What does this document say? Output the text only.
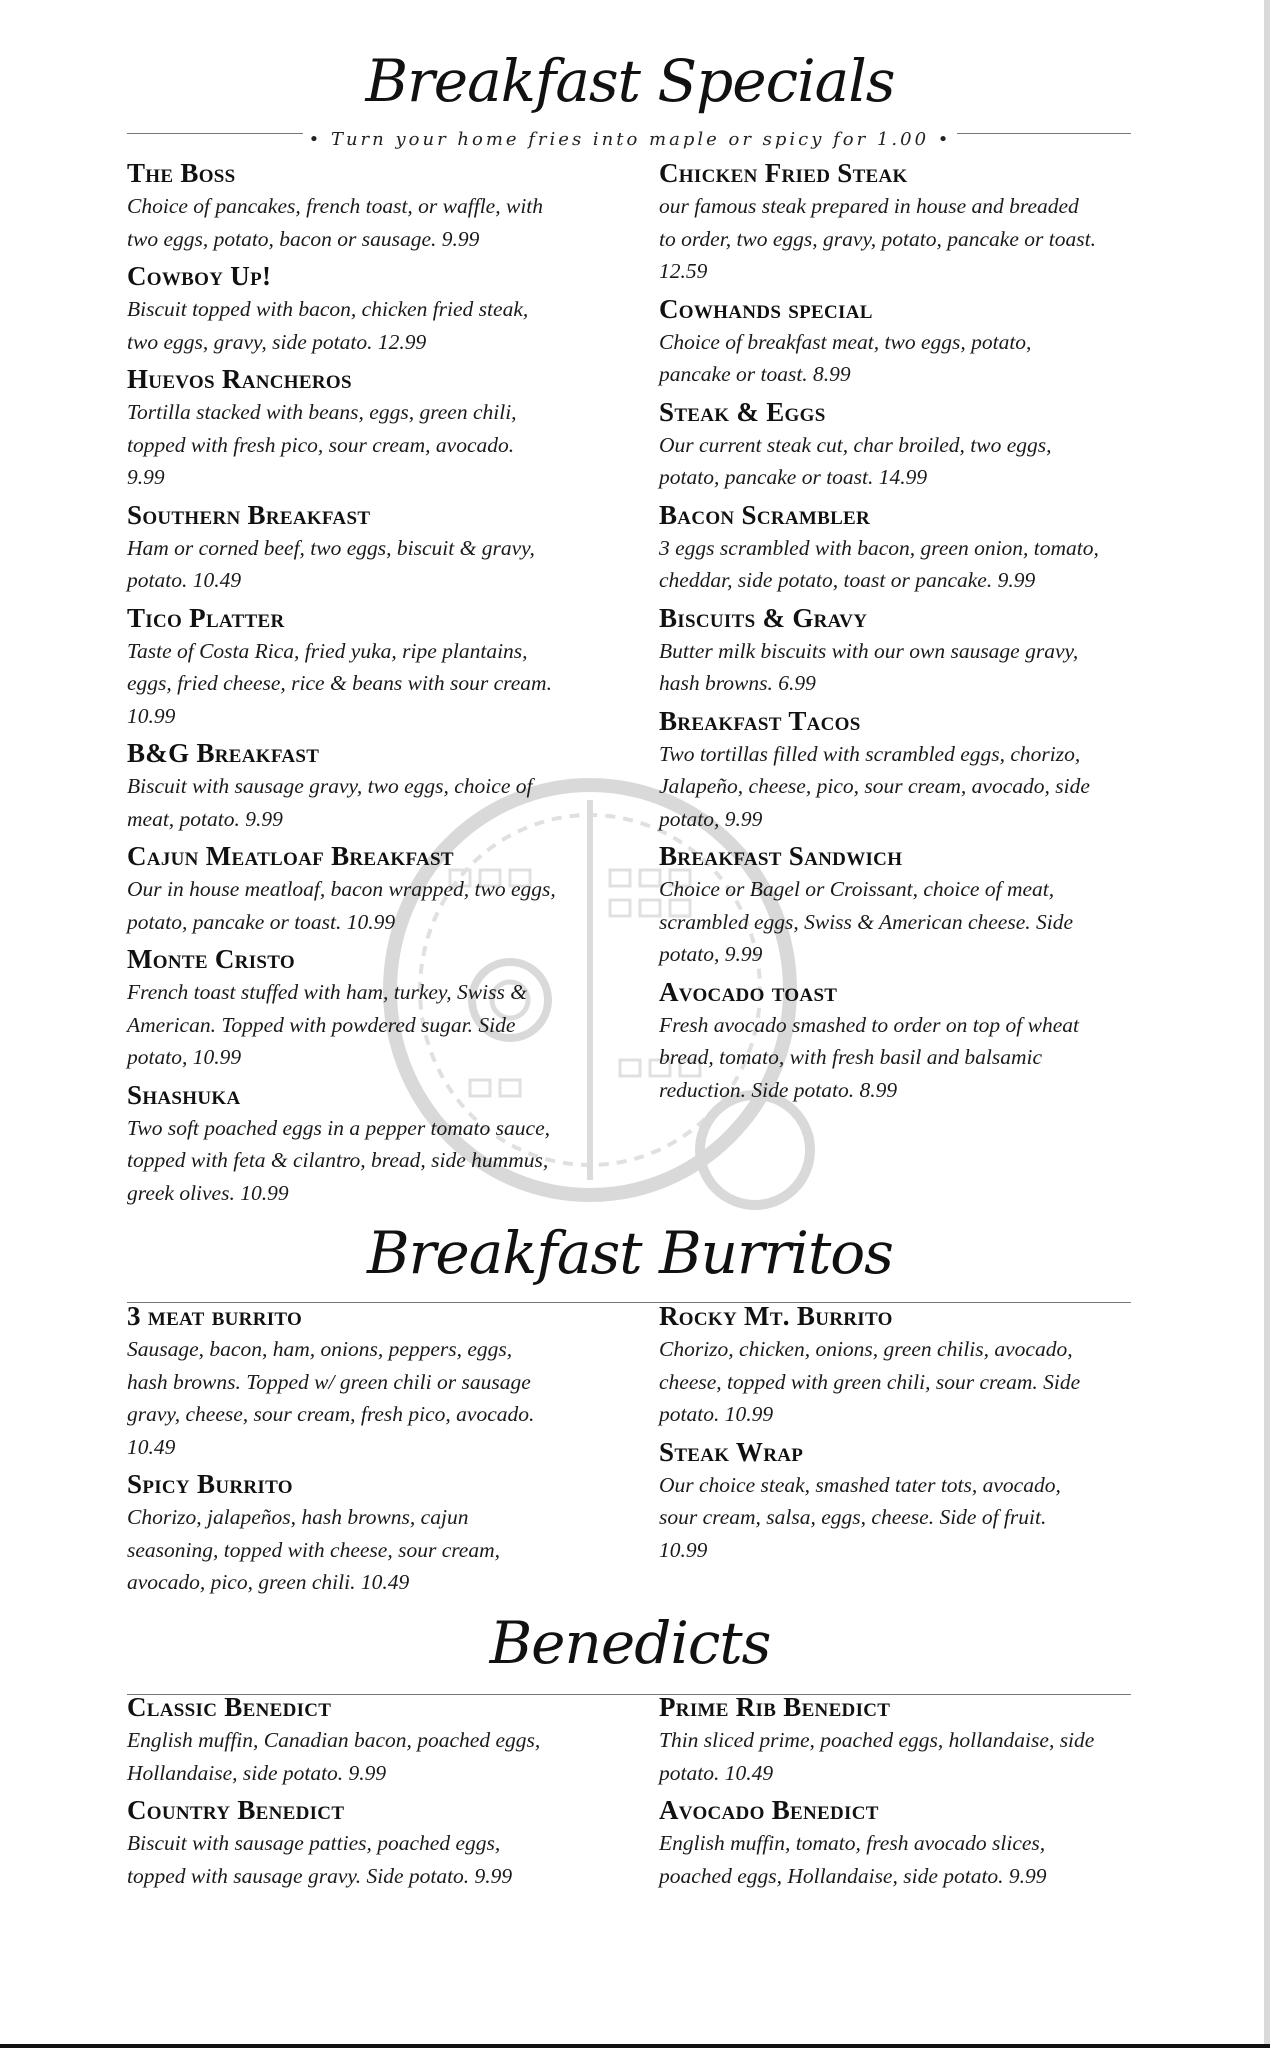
Breakfast Specials
• Turn your home fries into maple or spicy for 1.00 •
The Boss
Choice of pancakes, french toast, or waffle, with two eggs, potato, bacon or sausage. 9.99
Cowboy Up!
Biscuit topped with bacon, chicken fried steak, two eggs, gravy, side potato. 12.99
Huevos Rancheros
Tortilla stacked with beans, eggs, green chili, topped with fresh pico, sour cream, avocado. 9.99
Southern Breakfast
Ham or corned beef, two eggs, biscuit & gravy, potato. 10.49
Tico Platter
Taste of Costa Rica, fried yuka, ripe plantains, eggs, fried cheese, rice & beans with sour cream. 10.99
B&G Breakfast
Biscuit with sausage gravy, two eggs, choice of meat, potato. 9.99
Cajun Meatloaf Breakfast
Our in house meatloaf, bacon wrapped, two eggs, potato, pancake or toast. 10.99
Monte Cristo
French toast stuffed with ham, turkey, Swiss & American. Topped with powdered sugar. Side potato, 10.99
Shashuka
Two soft poached eggs in a pepper tomato sauce, topped with feta & cilantro, bread, side hummus, greek olives. 10.99
Chicken Fried Steak
our famous steak prepared in house and breaded to order, two eggs, gravy, potato, pancake or toast. 12.59
Cowhands special
Choice of breakfast meat, two eggs, potato, pancake or toast. 8.99
Steak & Eggs
Our current steak cut, char broiled, two eggs, potato, pancake or toast. 14.99
Bacon Scrambler
3 eggs scrambled with bacon, green onion, tomato, cheddar, side potato, toast or pancake. 9.99
Biscuits & Gravy
Butter milk biscuits with our own sausage gravy, hash browns. 6.99
Breakfast Tacos
Two tortillas filled with scrambled eggs, chorizo, Jalapeño, cheese, pico, sour cream, avocado, side potato, 9.99
Breakfast Sandwich
Choice or Bagel or Croissant, choice of meat, scrambled eggs, Swiss & American cheese. Side potato, 9.99
Avocado toast
Fresh avocado smashed to order on top of wheat bread, tomato, with fresh basil and balsamic reduction. Side potato. 8.99
Breakfast Burritos
3 meat burrito
Sausage, bacon, ham, onions, peppers, eggs, hash browns. Topped w/ green chili or sausage gravy, cheese, sour cream, fresh pico, avocado. 10.49
Spicy Burrito
Chorizo, jalapeños, hash browns, cajun seasoning, topped with cheese, sour cream, avocado, pico, green chili. 10.49
Rocky Mt. Burrito
Chorizo, chicken, onions, green chilis, avocado, cheese, topped with green chili, sour cream. Side potato. 10.99
Steak Wrap
Our choice steak, smashed tater tots, avocado, sour cream, salsa, eggs, cheese. Side of fruit. 10.99
Benedicts
Classic Benedict
English muffin, Canadian bacon, poached eggs, Hollandaise, side potato. 9.99
Country Benedict
Biscuit with sausage patties, poached eggs, topped with sausage gravy. Side potato. 9.99
Prime Rib Benedict
Thin sliced prime, poached eggs, hollandaise, side potato. 10.49
Avocado Benedict
English muffin, tomato, fresh avocado slices, poached eggs, Hollandaise, side potato. 9.99
